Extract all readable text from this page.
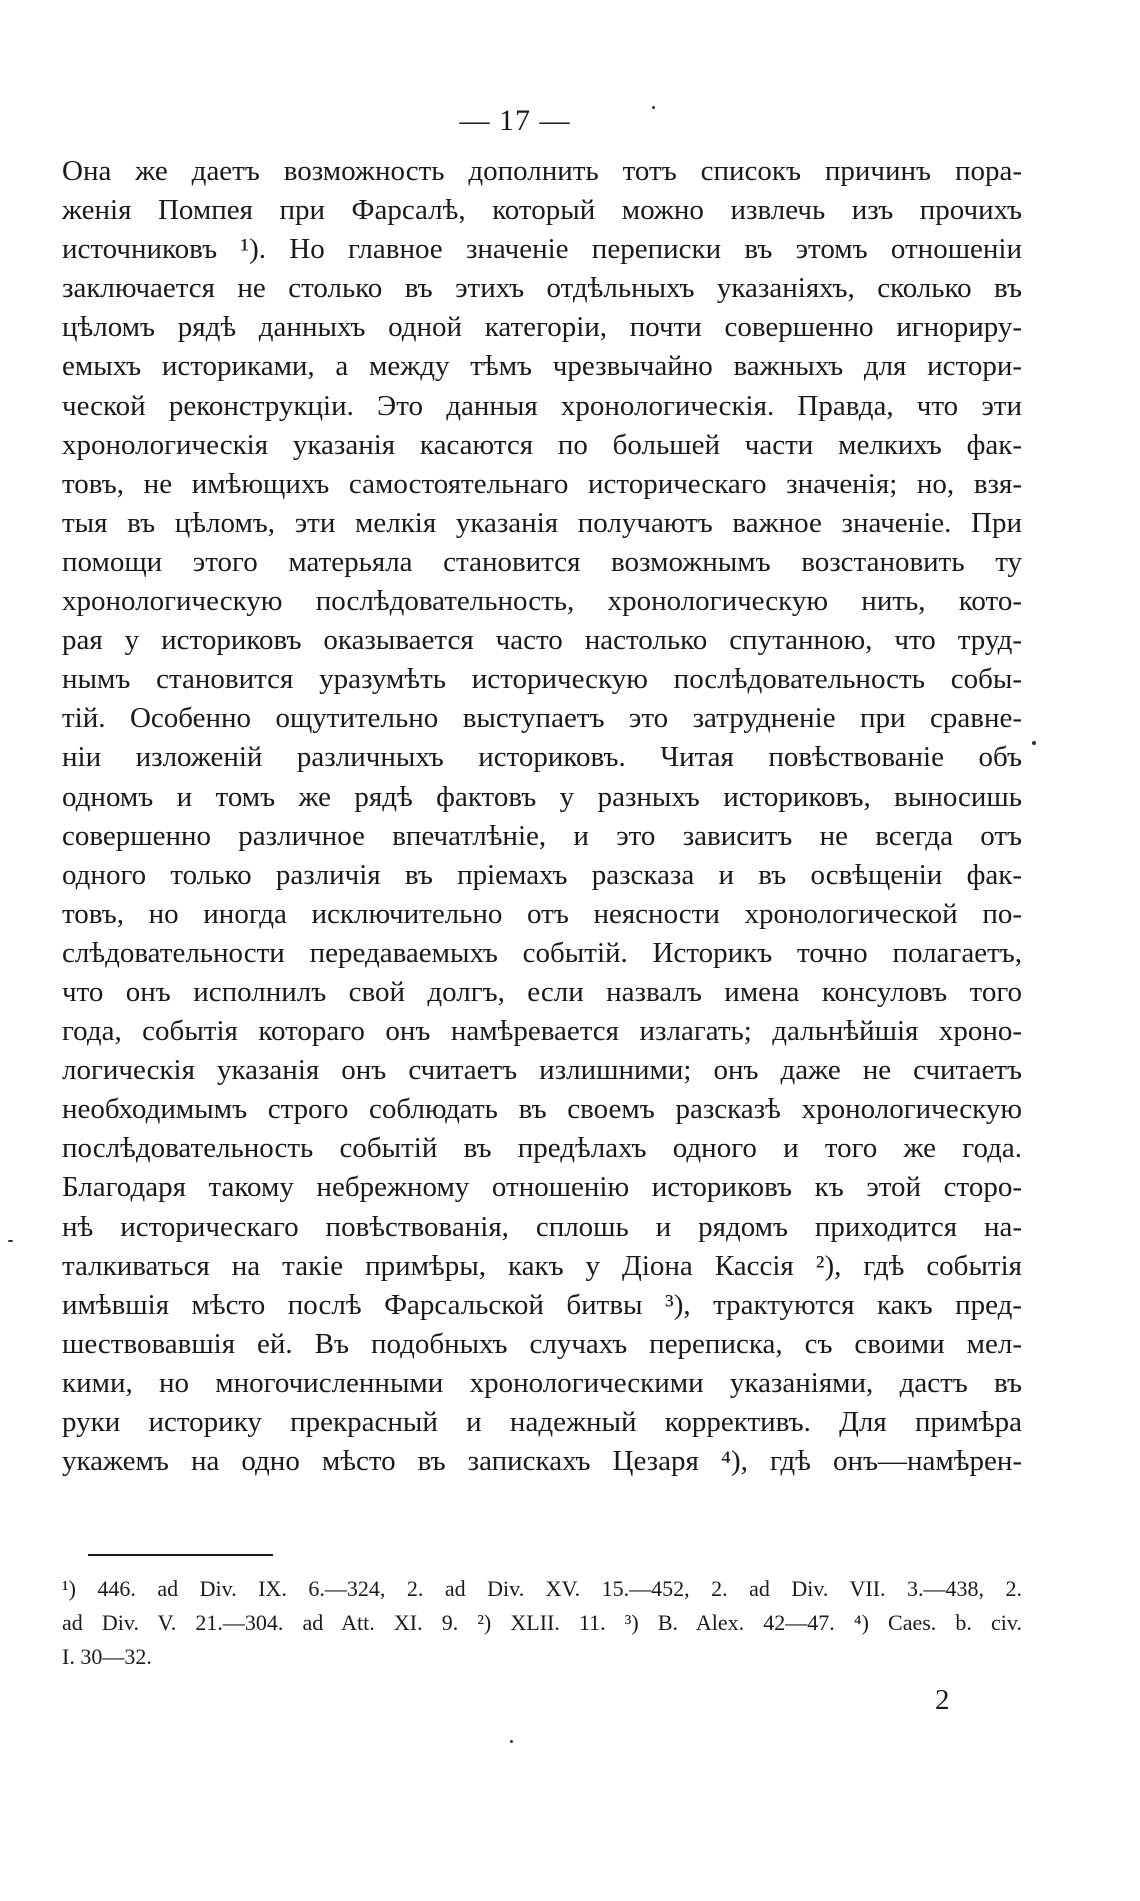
— 17 —
Она же даетъ возможность дополнить тотъ списокъ причинъ пора-
женія Помпея при Фарсалѣ, который можно извлечь изъ прочихъ
источниковъ ¹). Но главное значеніе переписки въ этомъ отношеніи
заключается не столько въ этихъ отдѣльныхъ указаніяхъ, сколько въ
цѣломъ рядѣ данныхъ одной категоріи, почти совершенно игнориру-
емыхъ историками, а между тѣмъ чрезвычайно важныхъ для истори-
ческой реконструкціи. Это данныя хронологическія. Правда, что эти
хронологическія указанія касаются по большей части мелкихъ фак-
товъ, не имѣющихъ самостоятельнаго историческаго значенія; но, взя-
тыя въ цѣломъ, эти мелкія указанія получаютъ важное значеніе. При
помощи этого матерьяла становится возможнымъ возстановить ту
хронологическую послѣдовательность, хронологическую нить, кото-
рая у историковъ оказывается часто настолько спутанною, что труд-
нымъ становится уразумѣть историческую послѣдовательность собы-
тій. Особенно ощутительно выступаетъ это затрудненіе при сравне-
ніи изложеній различныхъ историковъ. Читая повѣствованіе объ
одномъ и томъ же рядѣ фактовъ у разныхъ историковъ, выносишь
совершенно различное впечатлѣніе, и это зависитъ не всегда отъ
одного только различія въ пріемахъ разсказа и въ освѣщеніи фак-
товъ, но иногда исключительно отъ неясности хронологической по-
слѣдовательности передаваемыхъ событій. Историкъ точно полагаетъ,
что онъ исполнилъ свой долгъ, если назвалъ имена консуловъ того
года, событія котораго онъ намѣревается излагать; дальнѣйшія хроно-
логическія указанія онъ считаетъ излишними; онъ даже не считаетъ
необходимымъ строго соблюдать въ своемъ разсказѣ хронологическую
послѣдовательность событій въ предѣлахъ одного и того же года.
Благодаря такому небрежному отношенію историковъ къ этой сторо-
нѣ историческаго повѣствованія, сплошь и рядомъ приходится на-
талкиваться на такіе примѣры, какъ у Діона Кассія ²), гдѣ событія
имѣвшія мѣсто послѣ Фарсальской битвы ³), трактуются какъ пред-
шествовавшія ей. Въ подобныхъ случахъ переписка, съ своими мел-
кими, но многочисленными хронологическими указаніями, дастъ въ
руки историку прекрасный и надежный коррективъ. Для примѣра
укажемъ на одно мѣсто въ запискахъ Цезаря ⁴), гдѣ онъ—намѣрен-
¹) 446. ad Div. IX. 6.—324, 2. ad Div. XV. 15.—452, 2. ad Div. VII. 3.—438, 2.
ad Div. V. 21.—304. ad Att. XI. 9. ²) XLII. 11. ³) B. Alex. 42—47. ⁴) Caes. b. civ.
I. 30—32.
2
